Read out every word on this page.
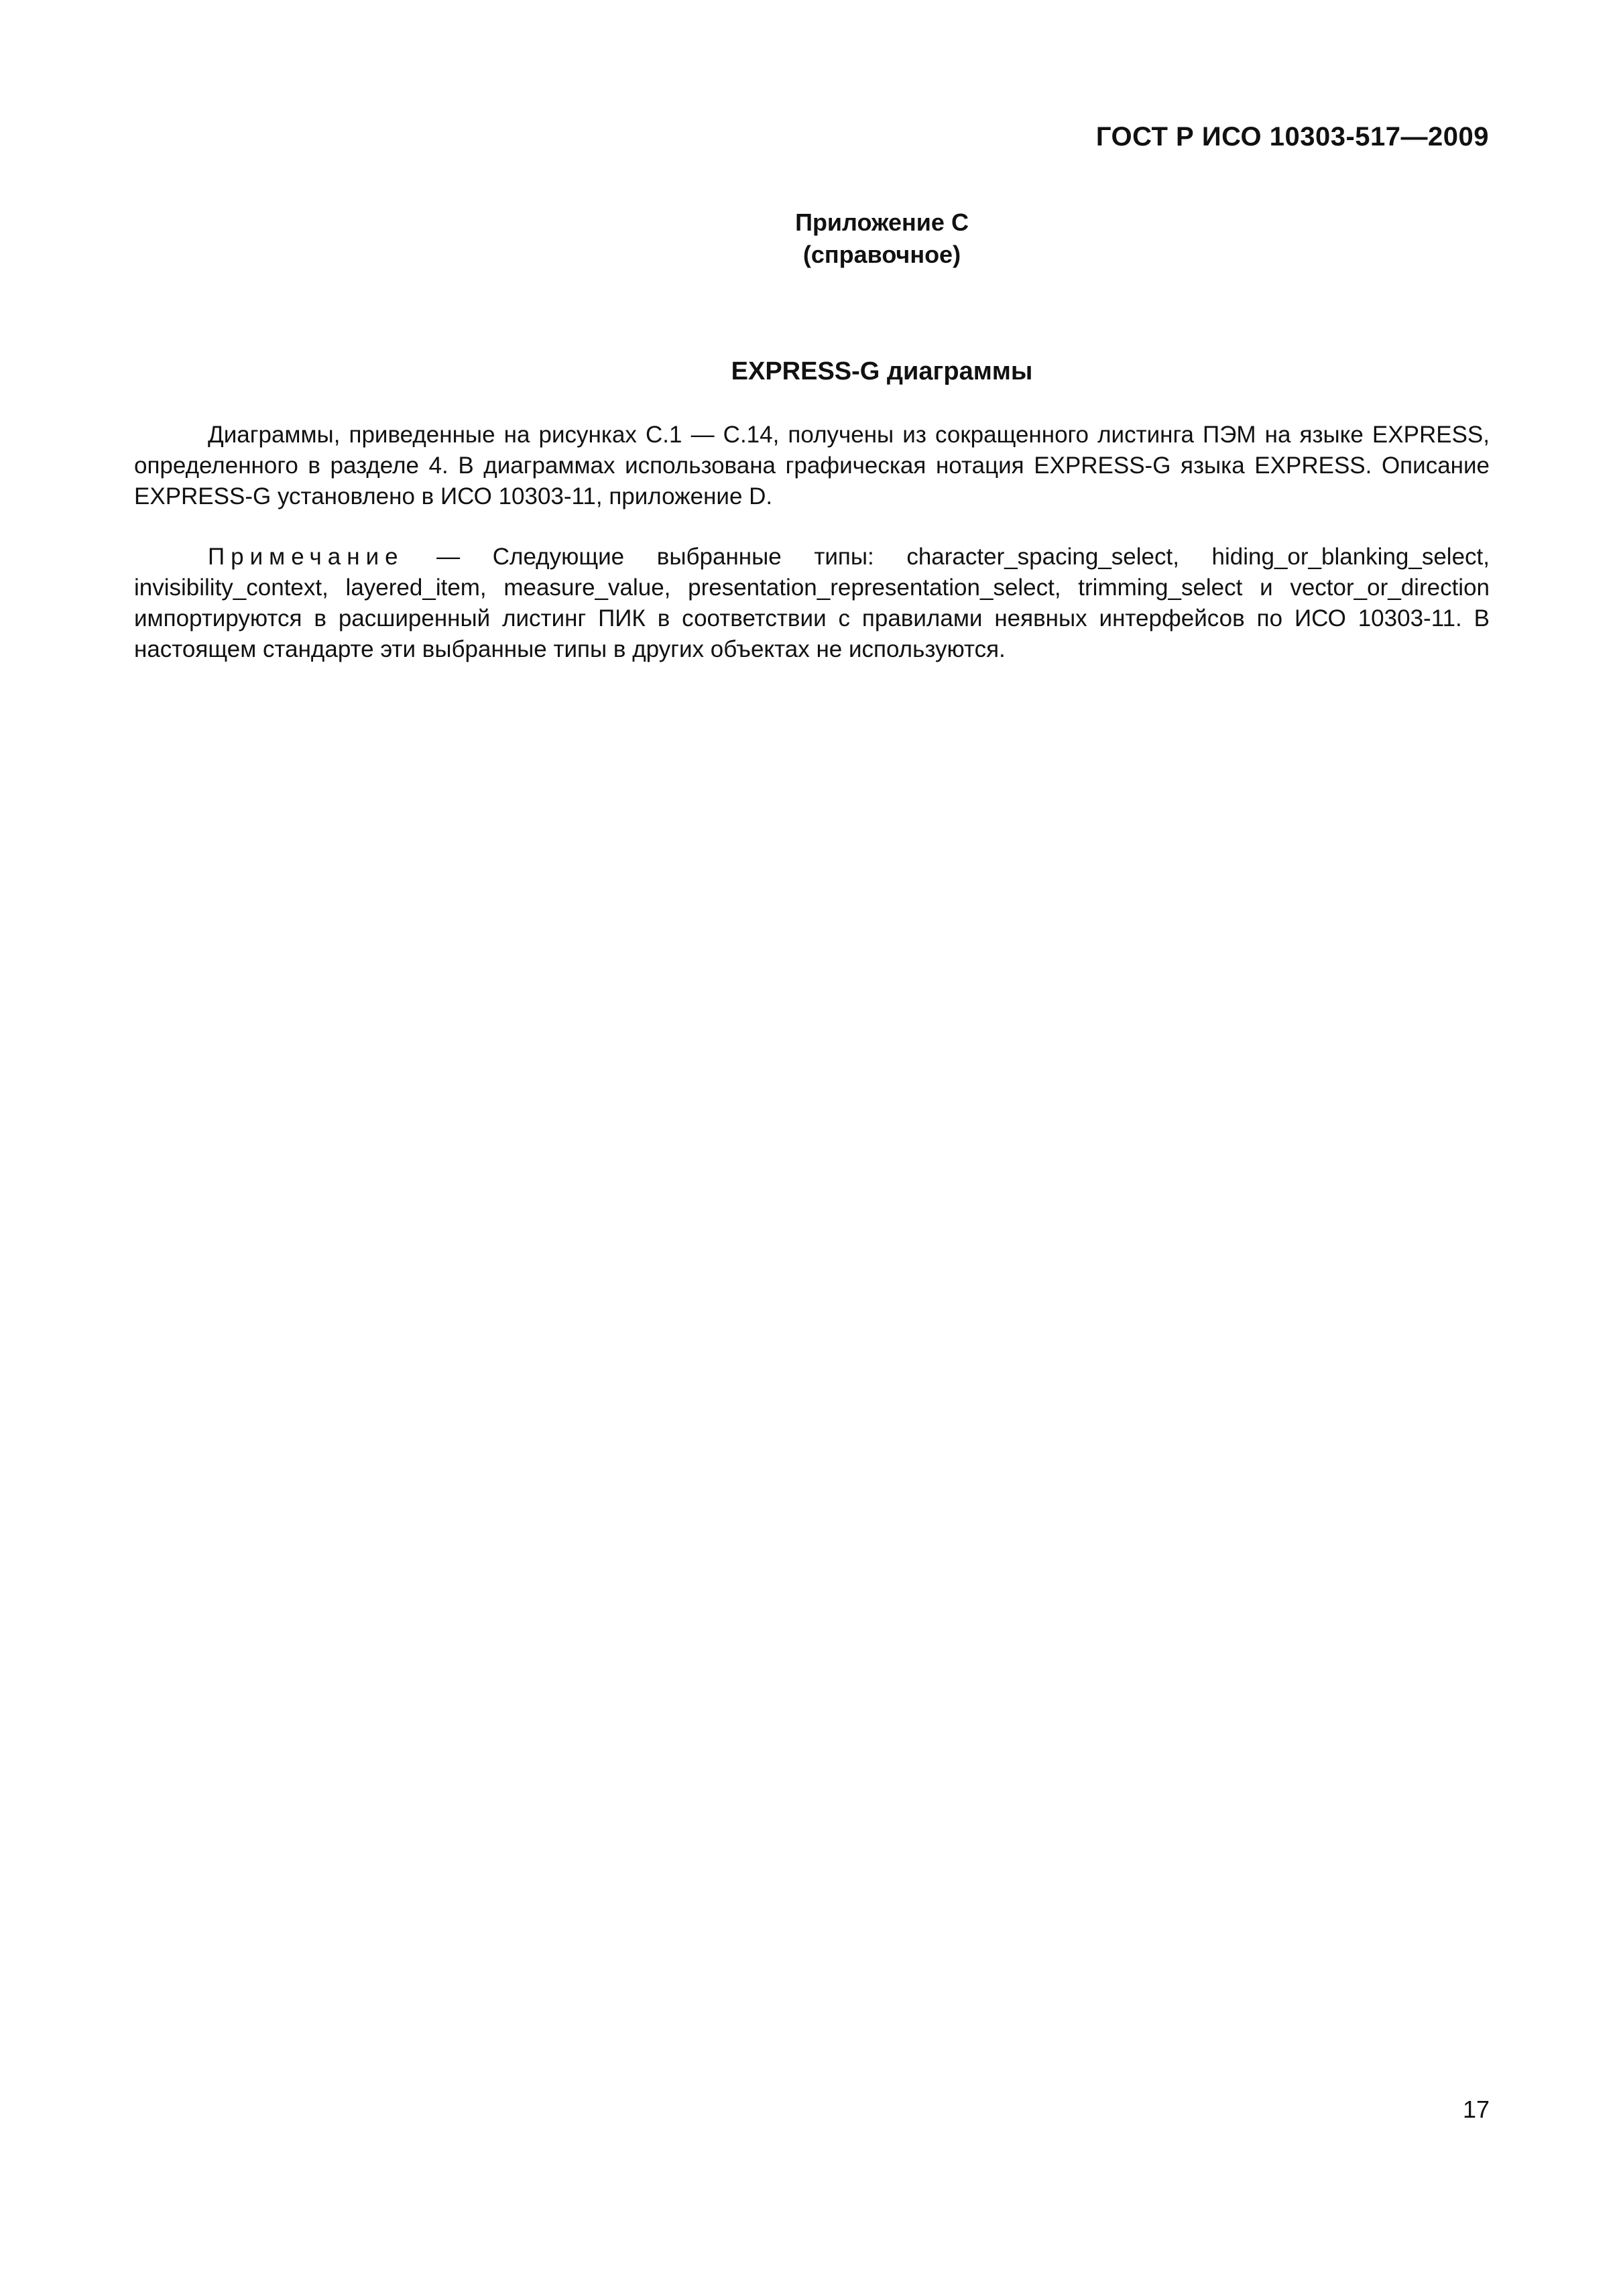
ГОСТ Р ИСО 10303-517—2009
Приложение С
(справочное)
EXPRESS-G диаграммы
Диаграммы, приведенные на рисунках С.1 — С.14, получены из сокращенного листинга ПЭМ на языке EXPRESS, определенного в разделе 4. В диаграммах использована графическая нотация EXPRESS-G языка EXPRESS. Описание EXPRESS-G установлено в ИСО 10303-11, приложение D.
Примечание — Следующие выбранные типы: character_spacing_select, hiding_or_blanking_select, invisibility_context, layered_item, measure_value, presentation_representation_select, trimming_select и vector_or_direction импортируются в расширенный листинг ПИК в соответствии с правилами неявных интерфейсов по ИСО 10303-11. В настоящем стандарте эти выбранные типы в других объектах не используются.
17
